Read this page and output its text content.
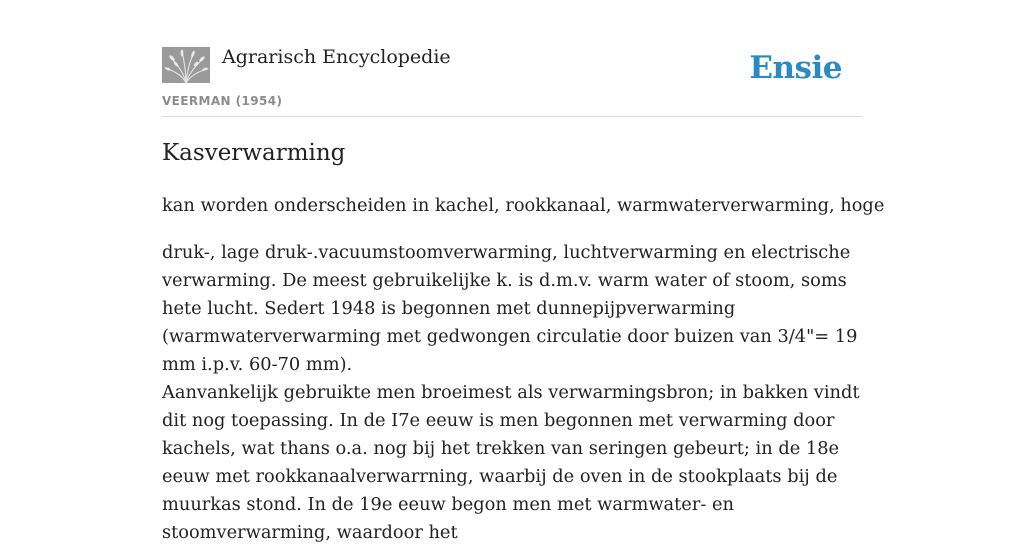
Agrarisch Encyclopedie
VEERMAN (1954)
Ensie
Kasverwarming

kan worden onderscheiden in kachel, rookkanaal, warmwaterverwarming, hoge

druk-, lage druk-.vacuumstoomverwarming, luchtverwarming en electrische verwarming. De meest gebruikelijke k. is d.m.v. warm water of stoom, soms hete lucht. Sedert 1948 is begonnen met dunnepijpverwarming (warmwaterverwarming met gedwongen circulatie door buizen van 3/4"= 19 mm i.p.v. 60-70 mm).

Aanvankelijk gebruikte men broeimest als verwarmingsbron; in bakken vindt dit nog toepassing. In de I7e eeuw is men begonnen met verwarming door kachels, wat thans o.a. nog bij het trekken van seringen gebeurt; in de 18e eeuw met rookkanaalverwarrning, waarbij de oven in de stookplaats bij de muurkas stond. In de 19e eeuw begon men met warmwater- en stoomverwarming, waardoor het
